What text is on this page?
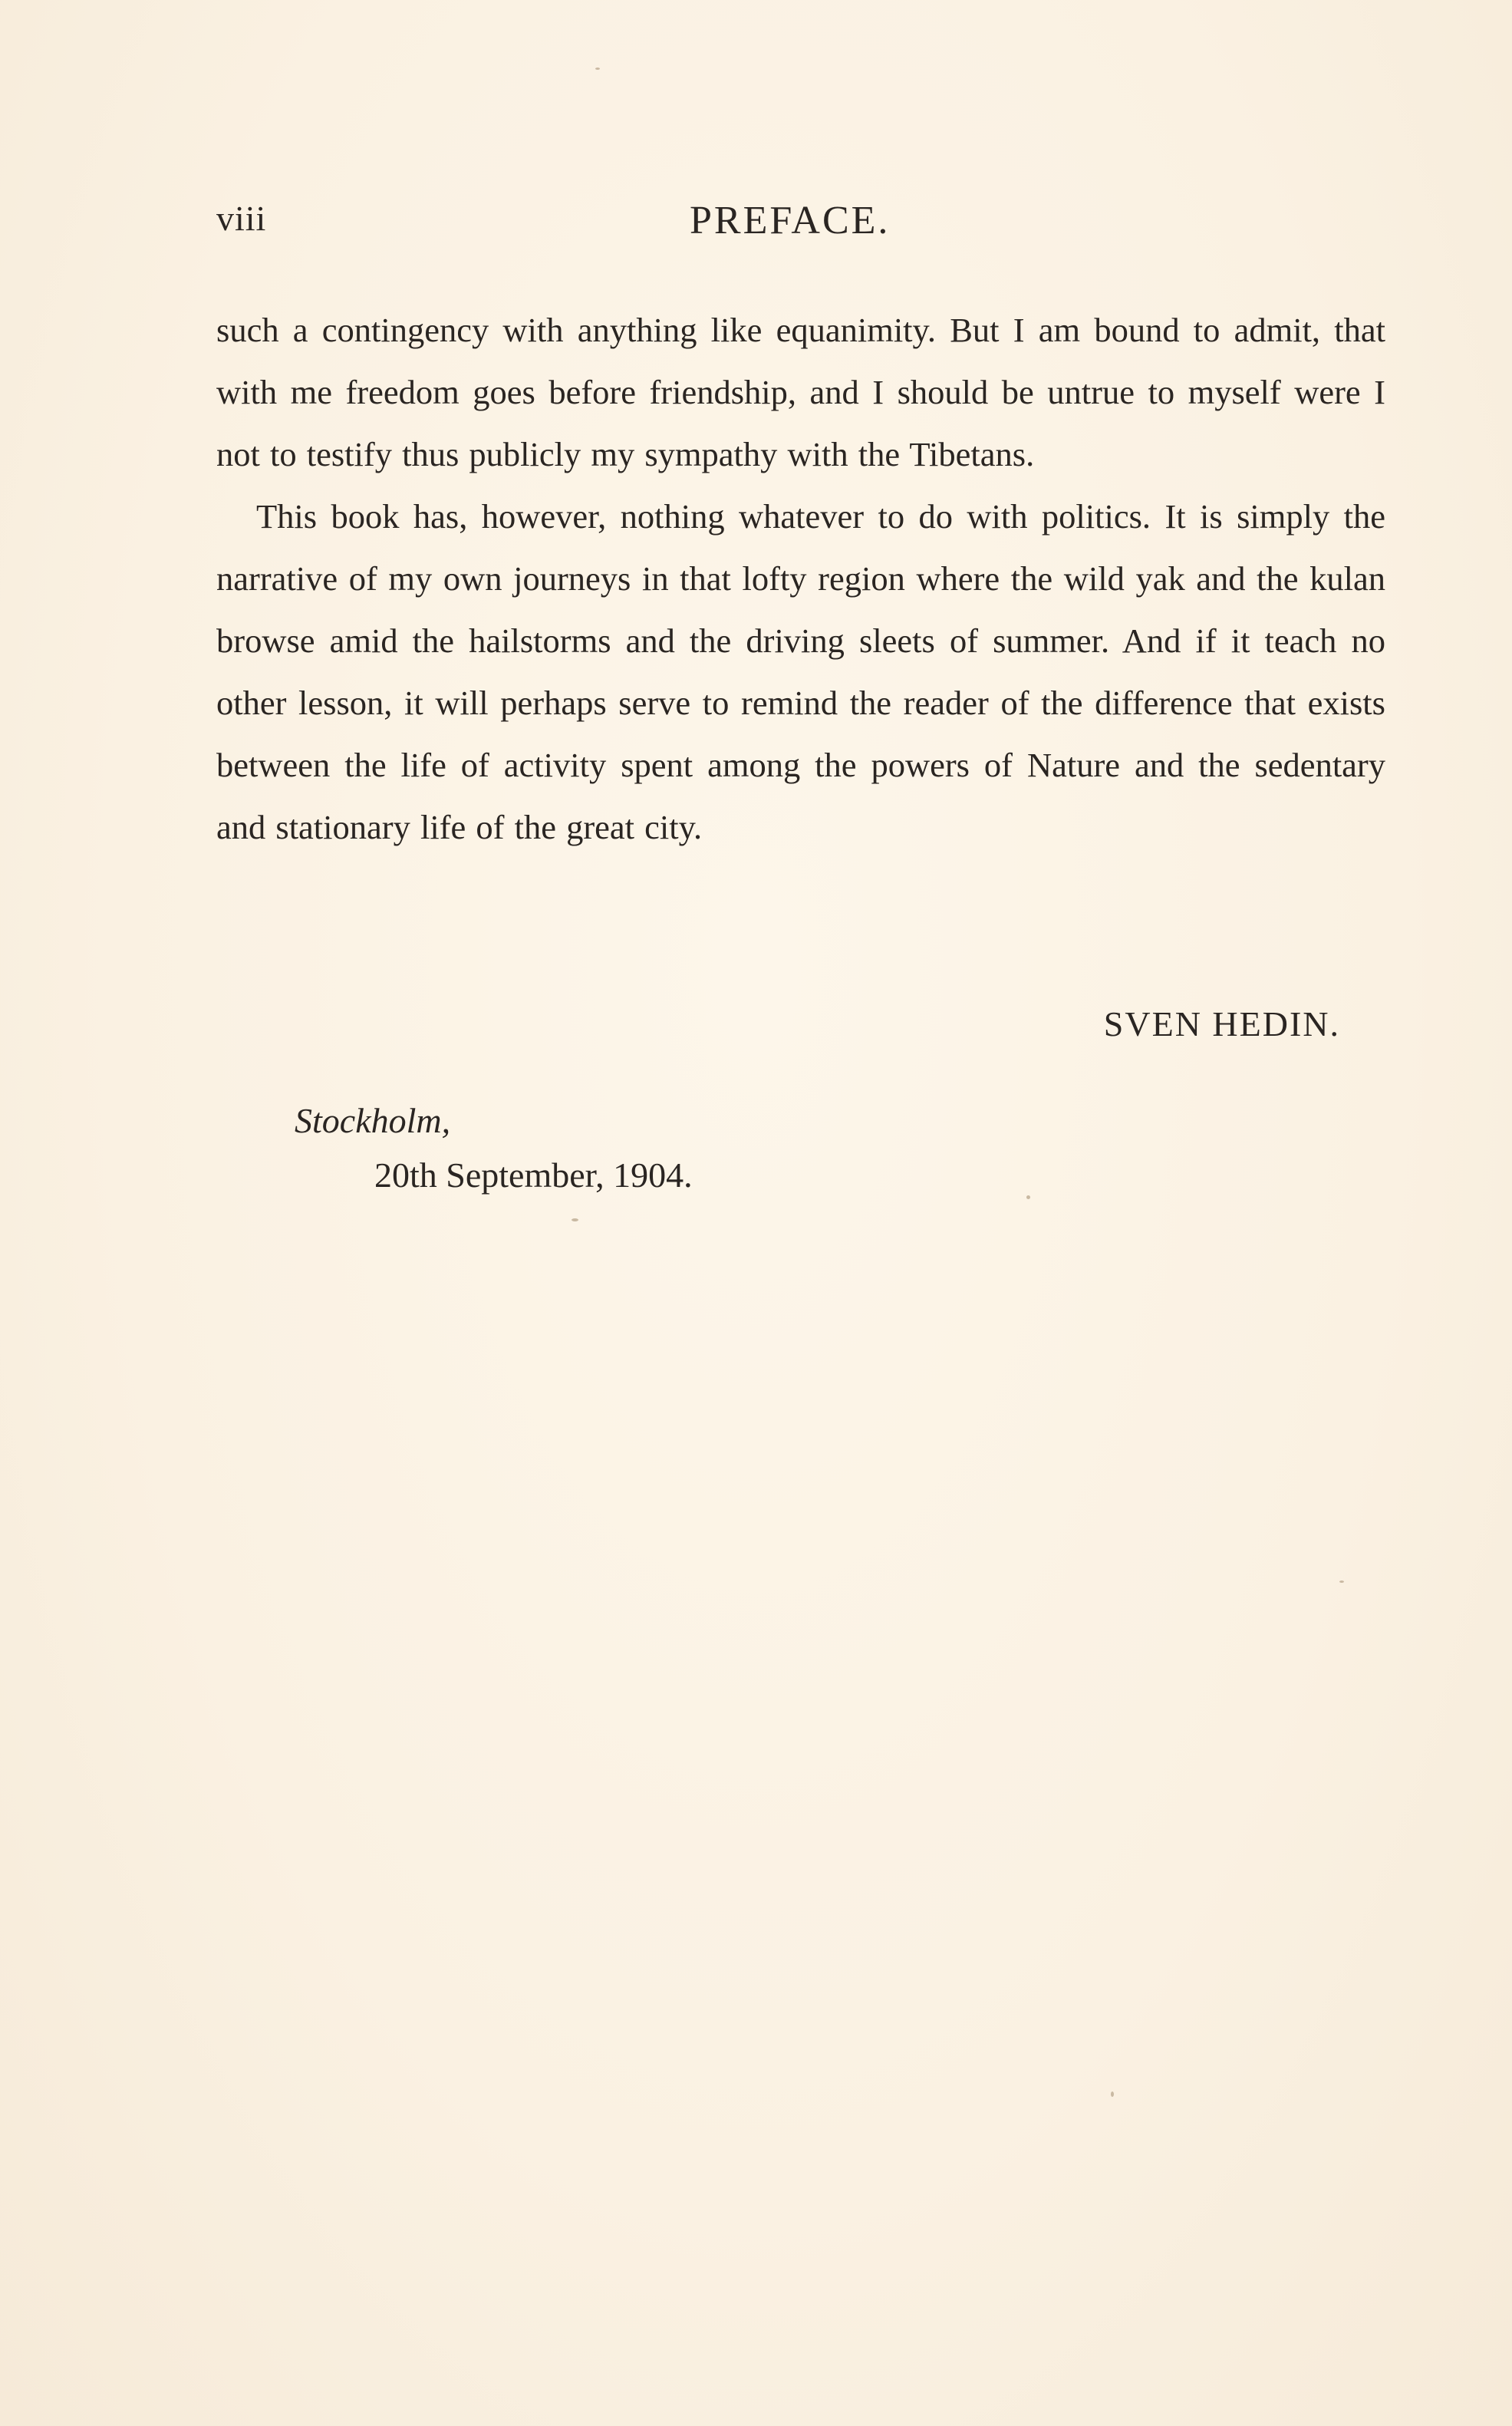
viii	PREFACE.

such a contingency with anything like equanimity. But I am bound to admit, that with me freedom goes before friendship, and I should be untrue to myself were I not to testify thus publicly my sympathy with the Tibetans.

This book has, however, nothing whatever to do with politics. It is simply the narrative of my own journeys in that lofty region where the wild yak and the kulan browse amid the hailstorms and the driving sleets of summer. And if it teach no other lesson, it will perhaps serve to remind the reader of the difference that exists between the life of activity spent among the powers of Nature and the sedentary and stationary life of the great city.

SVEN HEDIN.
Stockholm,
20th September, 1904.
